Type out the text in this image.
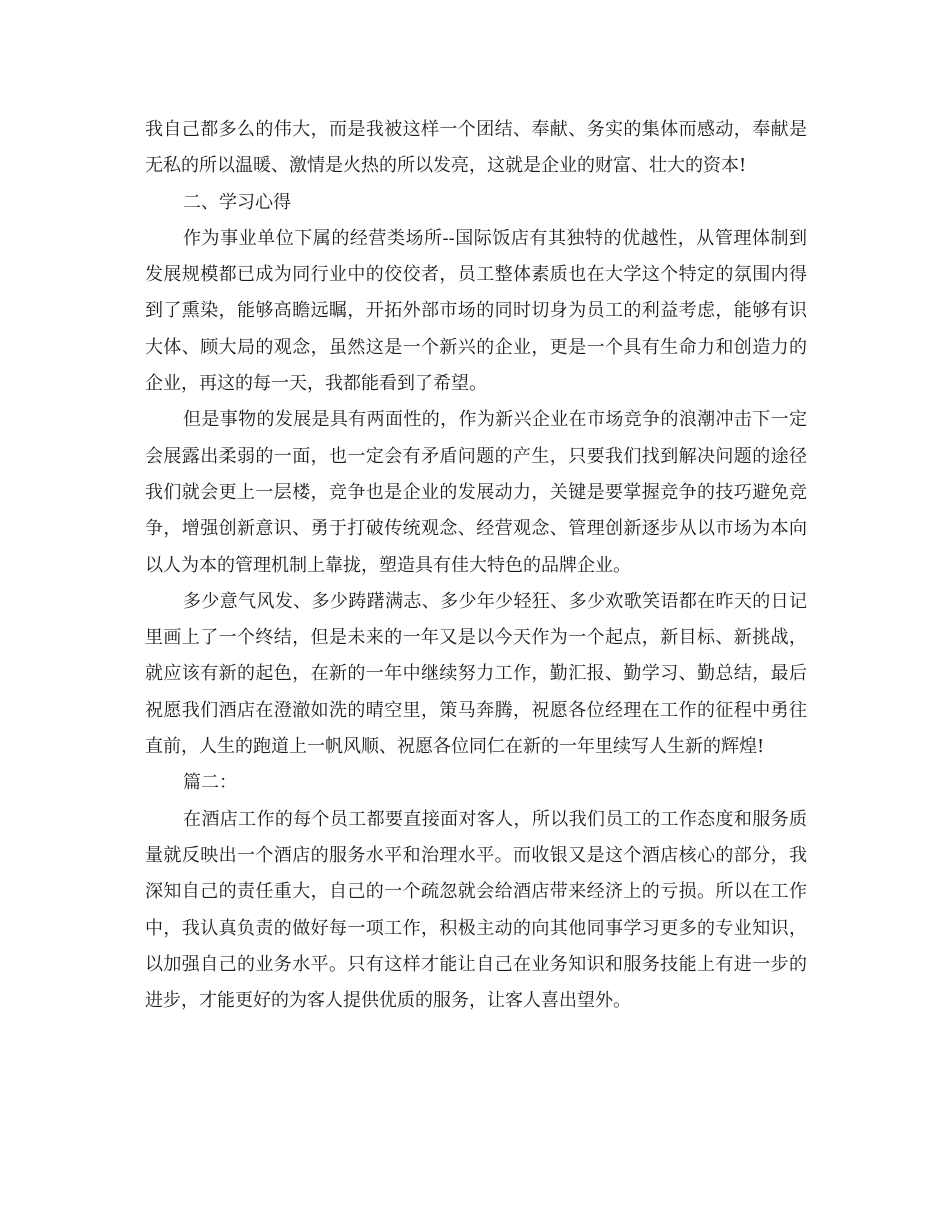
我自己都多么的伟大，而是我被这样一个团结、奉献、务实的集体而感动，奉献是无私的所以温暖、激情是火热的所以发亮，这就是企业的财富、壮大的资本!

二、学习心得

作为事业单位下属的经营类场所--国际饭店有其独特的优越性，从管理体制到发展规模都已成为同行业中的佼佼者，员工整体素质也在大学这个特定的氛围内得到了熏染，能够高瞻远瞩，开拓外部市场的同时切身为员工的利益考虑，能够有识大体、顾大局的观念，虽然这是一个新兴的企业，更是一个具有生命力和创造力的企业，再这的每一天，我都能看到了希望。

但是事物的发展是具有两面性的，作为新兴企业在市场竞争的浪潮冲击下一定会展露出柔弱的一面，也一定会有矛盾问题的产生，只要我们找到解决问题的途径我们就会更上一层楼，竞争也是企业的发展动力，关键是要掌握竞争的技巧避免竞争，增强创新意识、勇于打破传统观念、经营观念、管理创新逐步从以市场为本向以人为本的管理机制上靠拢，塑造具有佳大特色的品牌企业。

多少意气风发、多少踌躇满志、多少年少轻狂、多少欢歌笑语都在昨天的日记里画上了一个终结，但是未来的一年又是以今天作为一个起点，新目标、新挑战，就应该有新的起色，在新的一年中继续努力工作，勤汇报、勤学习、勤总结，最后祝愿我们酒店在澄澈如洗的晴空里，策马奔腾，祝愿各位经理在工作的征程中勇往直前，人生的跑道上一帆风顺、祝愿各位同仁在新的一年里续写人生新的辉煌!

篇二：

在酒店工作的每个员工都要直接面对客人，所以我们员工的工作态度和服务质量就反映出一个酒店的服务水平和治理水平。而收银又是这个酒店核心的部分，我深知自己的责任重大，自己的一个疏忽就会给酒店带来经济上的亏损。所以在工作中，我认真负责的做好每一项工作，积极主动的向其他同事学习更多的专业知识，以加强自己的业务水平。只有这样才能让自己在业务知识和服务技能上有进一步的进步，才能更好的为客人提供优质的服务，让客人喜出望外。
